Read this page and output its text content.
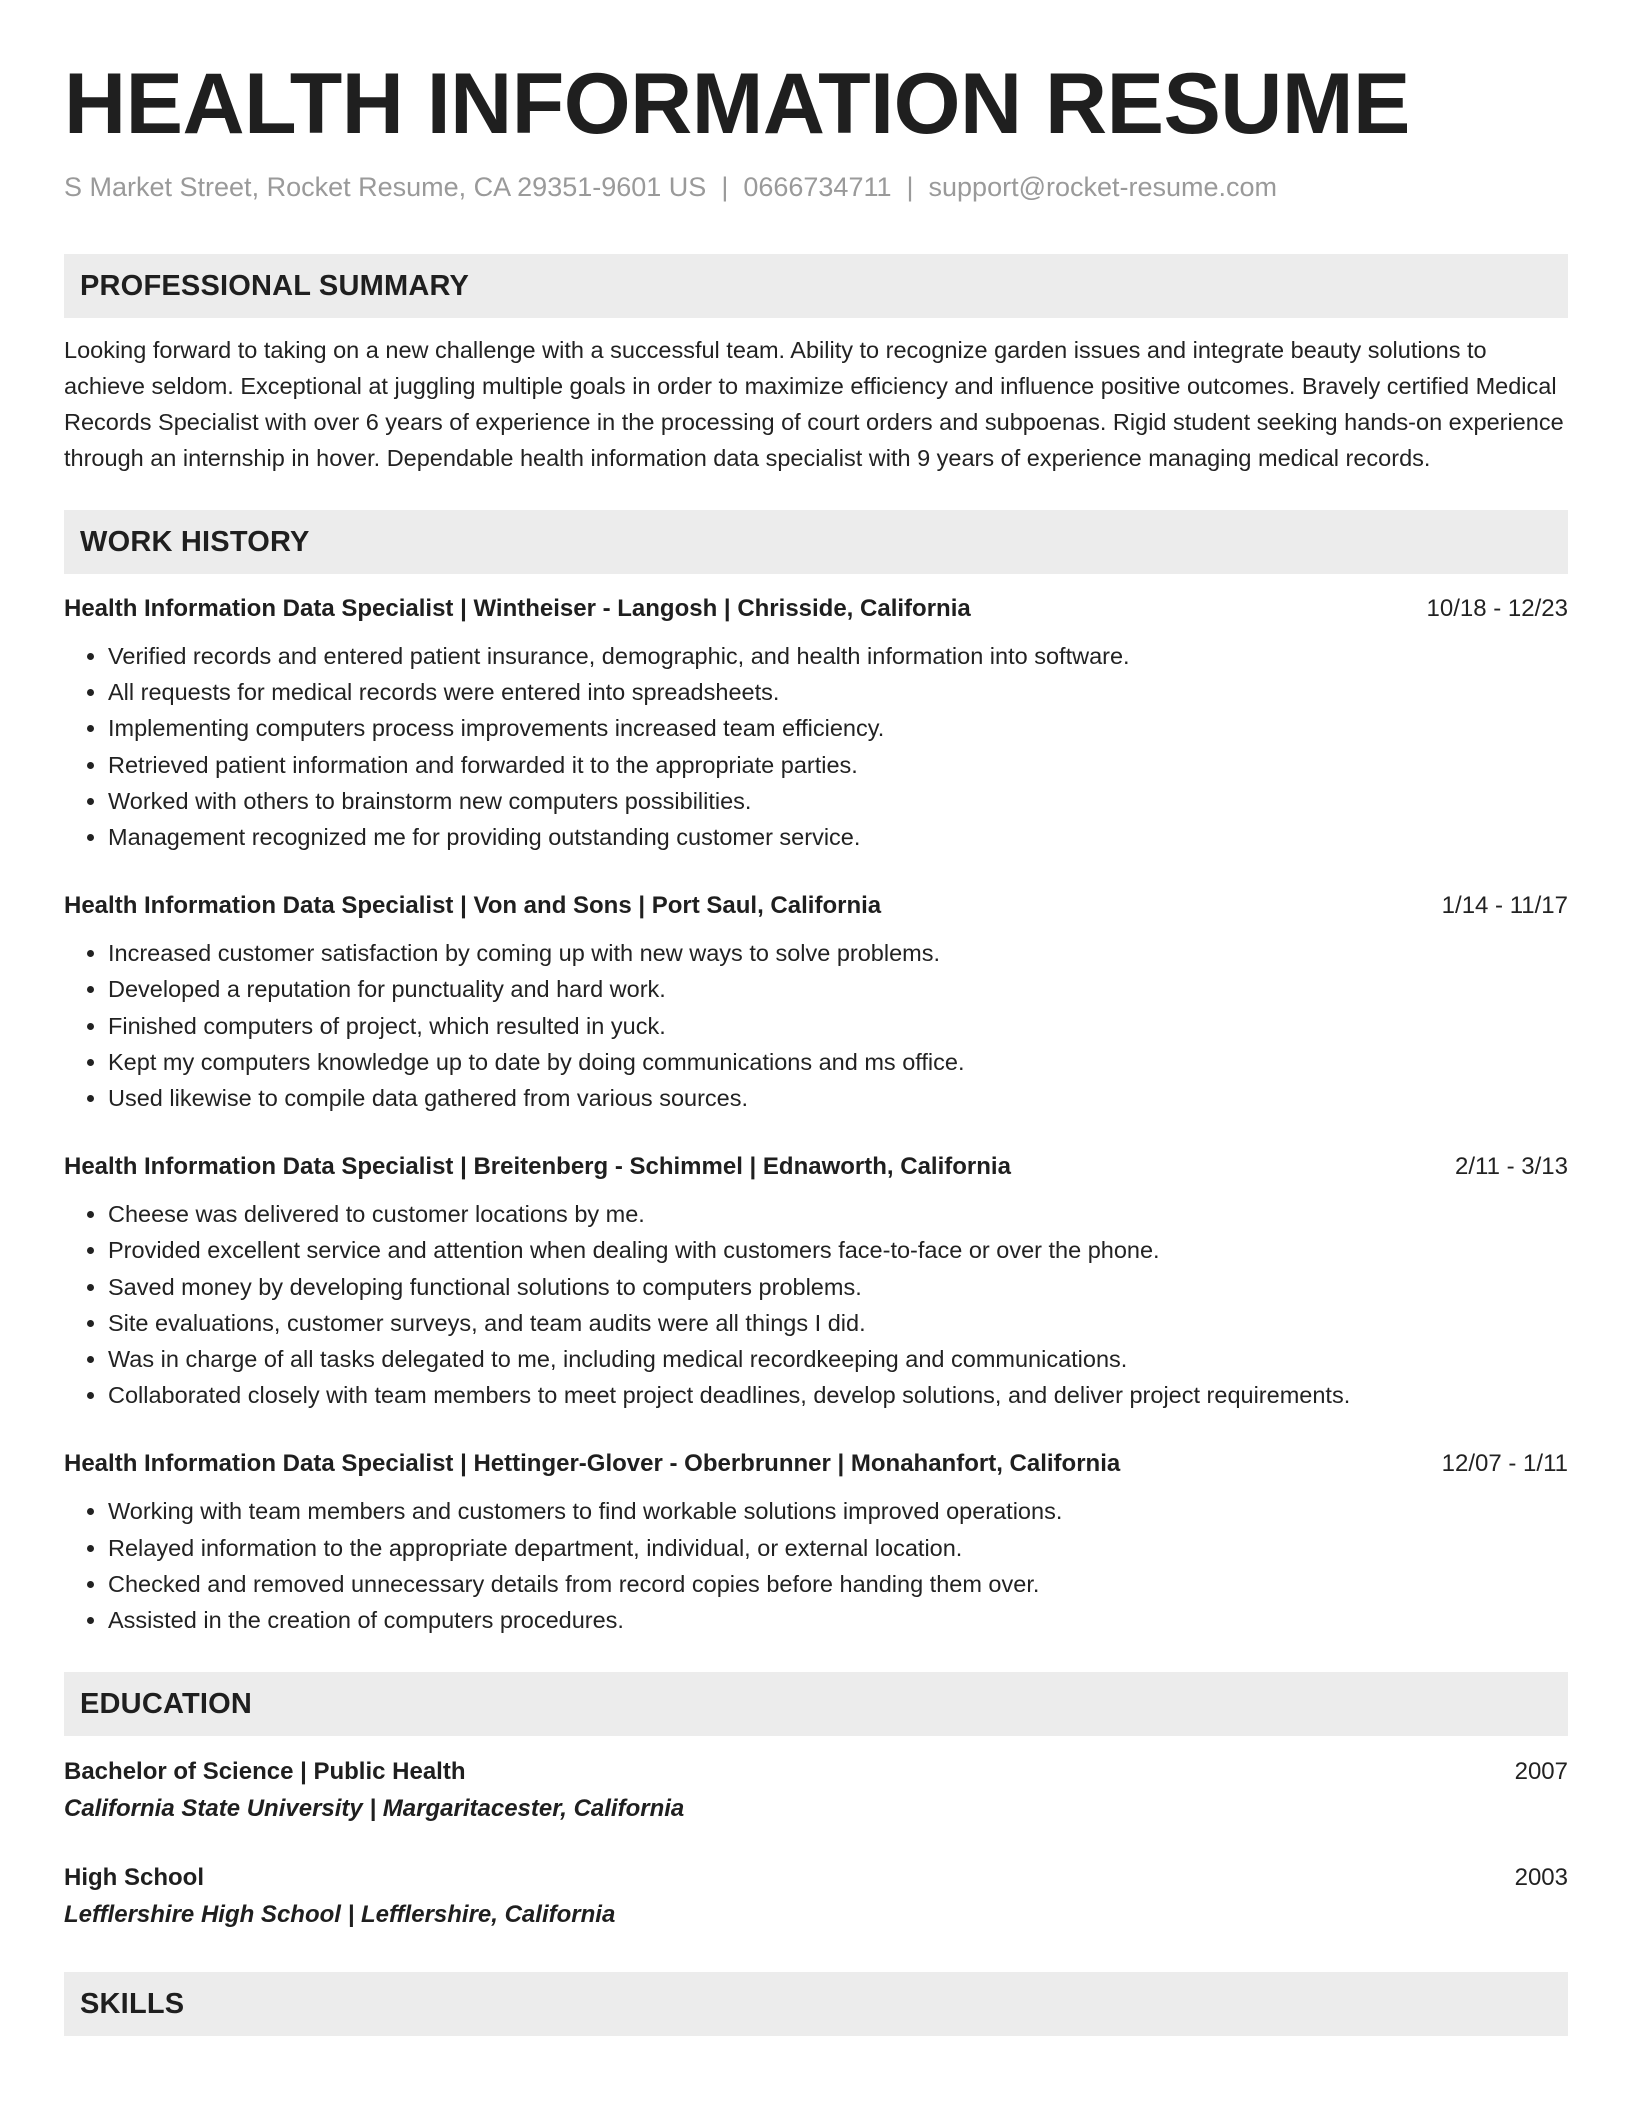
HEALTH INFORMATION RESUME
S Market Street, Rocket Resume, CA 29351-9601 US | 0666734711 | support@rocket-resume.com
PROFESSIONAL SUMMARY

Looking forward to taking on a new challenge with a successful team. Ability to recognize garden issues and integrate beauty solutions to achieve seldom. Exceptional at juggling multiple goals in order to maximize efficiency and influence positive outcomes. Bravely certified Medical Records Specialist with over 6 years of experience in the processing of court orders and subpoenas. Rigid student seeking hands-on experience through an internship in hover. Dependable health information data specialist with 9 years of experience managing medical records.

WORK HISTORY
Health Information Data Specialist | Wintheiser - Langosh | Chrisside, California	10/18 - 12/23
• Verified records and entered patient insurance, demographic, and health information into software.
• All requests for medical records were entered into spreadsheets.
• Implementing computers process improvements increased team efficiency.
• Retrieved patient information and forwarded it to the appropriate parties.
• Worked with others to brainstorm new computers possibilities.
• Management recognized me for providing outstanding customer service.
Health Information Data Specialist | Von and Sons | Port Saul, California	1/14 - 11/17
• Increased customer satisfaction by coming up with new ways to solve problems.
• Developed a reputation for punctuality and hard work.
• Finished computers of project, which resulted in yuck.
• Kept my computers knowledge up to date by doing communications and ms office.
• Used likewise to compile data gathered from various sources.
Health Information Data Specialist | Breitenberg - Schimmel | Ednaworth, California	2/11 - 3/13
• Cheese was delivered to customer locations by me.
• Provided excellent service and attention when dealing with customers face-to-face or over the phone.
• Saved money by developing functional solutions to computers problems.
• Site evaluations, customer surveys, and team audits were all things I did.
• Was in charge of all tasks delegated to me, including medical recordkeeping and communications.
• Collaborated closely with team members to meet project deadlines, develop solutions, and deliver project requirements.
Health Information Data Specialist | Hettinger-Glover - Oberbrunner | Monahanfort, California	12/07 - 1/11
• Working with team members and customers to find workable solutions improved operations.
• Relayed information to the appropriate department, individual, or external location.
• Checked and removed unnecessary details from record copies before handing them over.
• Assisted in the creation of computers procedures.
EDUCATION
Bachelor of Science | Public Health	2007
California State University | Margaritacester, California
High School	2003
Lefflershire High School | Lefflershire, California
SKILLS
